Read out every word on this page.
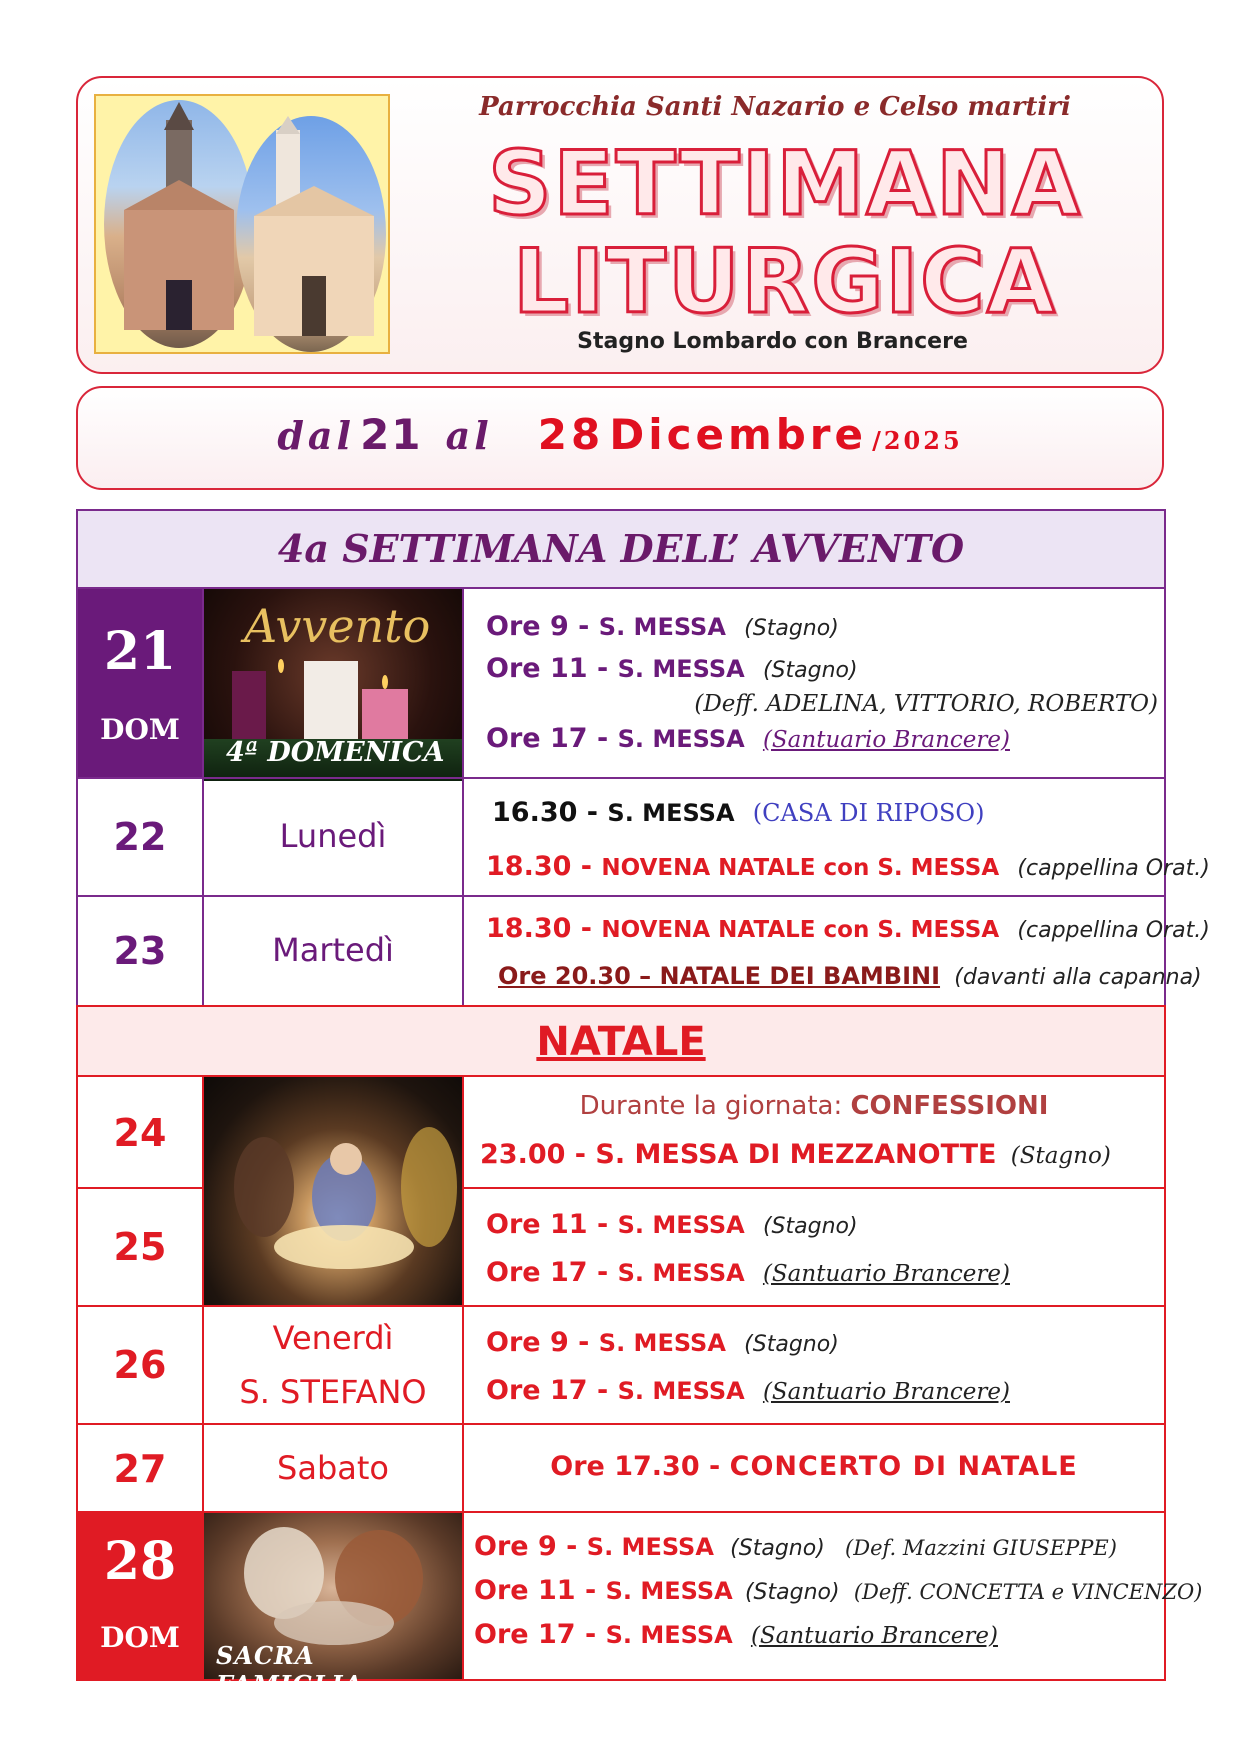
Parrocchia Santi Nazario e Celso martiri
SETTIMANA
LITURGICA
Stagno Lombardo con Brancere
dal 21 al 28 Dicembre /2025
4a SETTIMANA DELL’ AVVENTO
21
DOM
Avvento
4ª DOMENICA
Ore 9 - S. MESSA (Stagno)
Ore 11 - S. MESSA (Stagno)
(Deff. ADELINA, VITTORIO, ROBERTO)
Ore 17 - S. MESSA (Santuario Brancere)
22	Lunedì
16.30 - S. MESSA (CASA DI RIPOSO)
18.30 - NOVENA NATALE con S. MESSA (cappellina Orat.)
23	Martedì
18.30 - NOVENA NATALE con S. MESSA (cappellina Orat.)
Ore 20.30 – NATALE DEI BAMBINI (davanti alla capanna)
NATALE
24
Durante la giornata: CONFESSIONI
23.00 - S. MESSA DI MEZZANOTTE (Stagno)
25
Ore 11 - S. MESSA (Stagno)
Ore 17 - S. MESSA (Santuario Brancere)
26
Venerdì
S. STEFANO
Ore 9 - S. MESSA (Stagno)
Ore 17 - S. MESSA (Santuario Brancere)
27	Sabato	Ore 17.30 - CONCERTO DI NATALE
28
DOM
SACRA FAMIGLIA
Ore 9 - S. MESSA (Stagno) (Def. Mazzini GIUSEPPE)
Ore 11 - S. MESSA (Stagno) (Deff. CONCETTA e VINCENZO)
Ore 17 - S. MESSA (Santuario Brancere)
